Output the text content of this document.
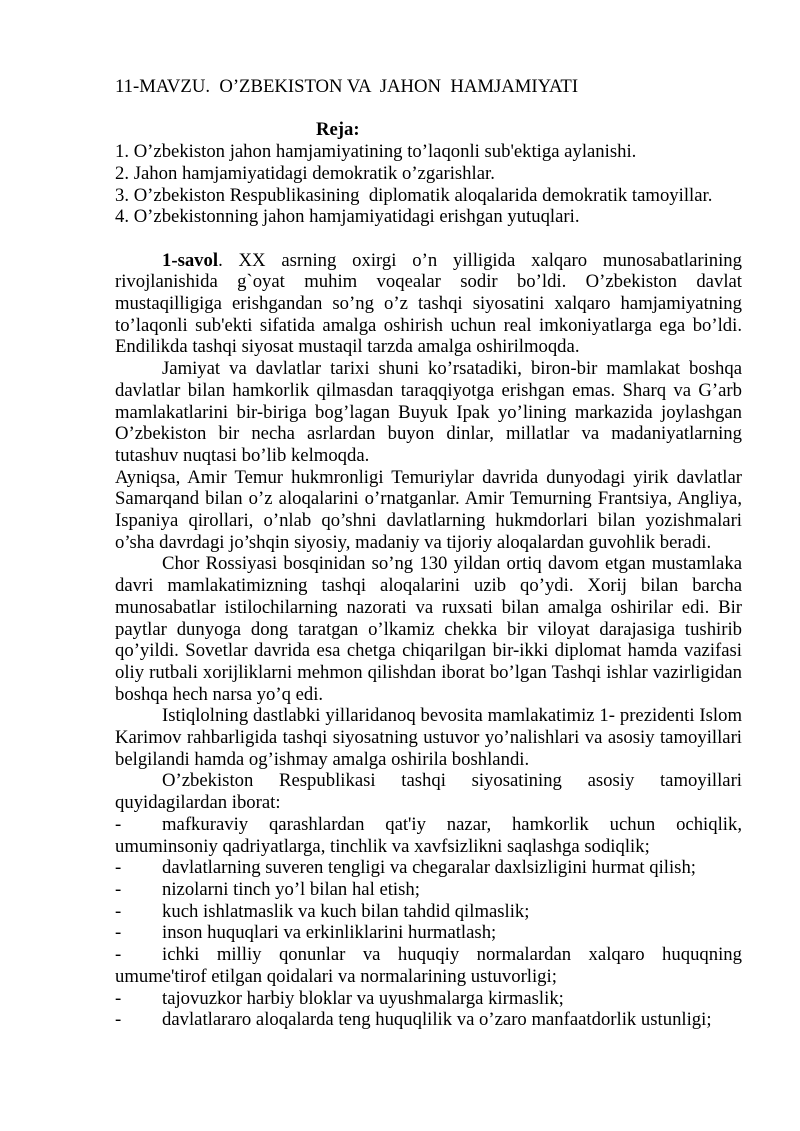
11-MAVZU.  O’ZBEKISTON VA  JAHON  HAMJAMIYATI
Reja:
1. O’zbekiston jahon hamjamiyatining to’laqonli sub'ektiga aylanishi.
2. Jahon hamjamiyatidagi demokratik o’zgarishlar.
3. O’zbekiston Respublikasining  diplomatik aloqalarida demokratik tamoyillar.
4. O’zbekistonning jahon hamjamiyatidagi erishgan yutuqlari.

1-savol. XX asrning oxirgi o’n yilligida xalqaro munosabatlarining rivojlanishida g`oyat muhim voqealar sodir bo’ldi. O’zbekiston davlat mustaqilligiga erishgandan so’ng o’z tashqi siyosatini xalqaro hamjamiyatning to’laqonli sub'ekti sifatida amalga oshirish uchun real imkoniyatlarga ega bo’ldi. Endilikda tashqi siyosat mustaqil tarzda amalga oshirilmoqda.

Jamiyat va davlatlar tarixi shuni ko’rsatadiki, biron-bir mamlakat boshqa davlatlar bilan hamkorlik qilmasdan taraqqiyotga erishgan emas. Sharq va G’arb mamlakatlarini bir-biriga bog’lagan Buyuk Ipak yo’lining markazida joylashgan O’zbekiston bir necha asrlardan buyon dinlar, millatlar va madaniyatlarning tutashuv nuqtasi bo’lib kelmoqda.

Ayniqsa, Amir Temur hukmronligi Temuriylar davrida dunyodagi yirik davlatlar Samarqand bilan o’z aloqalarini o’rnatganlar. Amir Temurning Frantsiya, Angliya, Ispaniya qirollari, o’nlab qo’shni davlatlarning hukmdorlari bilan yozishmalari o’sha davrdagi jo’shqin siyosiy, madaniy va tijoriy aloqalardan guvohlik beradi.

Chor Rossiyasi bosqinidan so’ng 130 yildan ortiq davom etgan mustamlaka davri mamlakatimizning tashqi aloqalarini uzib qo’ydi. Xorij bilan barcha munosabatlar istilochilarning nazorati va ruxsati bilan amalga oshirilar edi. Bir paytlar dunyoga dong taratgan o’lkamiz chekka bir viloyat darajasiga tushirib qo’yildi. Sovetlar davrida esa chetga chiqarilgan bir-ikki diplomat hamda vazifasi oliy rutbali xorijliklarni mehmon qilishdan iborat bo’lgan Tashqi ishlar vazirligidan boshqa hech narsa yo’q edi.

Istiqlolning dastlabki yillaridanoq bevosita mamlakatimiz 1- prezidenti Islom Karimov rahbarligida tashqi siyosatning ustuvor yo’nalishlari va asosiy tamoyillari belgilandi hamda og’ishmay amalga oshirila boshlandi.

O’zbekiston Respublikasi tashqi siyosatining asosiy tamoyillari quyidagilardan iborat:

- mafkuraviy qarashlardan qat'iy nazar, hamkorlik uchun ochiqlik, umuminsoniy qadriyatlarga, tinchlik va xavfsizlikni saqlashga sodiqlik;

- davlatlarning suveren tengligi va chegaralar daxlsizligini hurmat qilish;

- nizolarni tinch yo’l bilan hal etish;

- kuch ishlatmaslik va kuch bilan tahdid qilmaslik;

- inson huquqlari va erkinliklarini hurmatlash;

- ichki milliy qonunlar va huquqiy normalardan xalqaro huquqning umume'tirof etilgan qoidalari va normalarining ustuvorligi;

- tajovuzkor harbiy bloklar va uyushmalarga kirmaslik;

- davlatlararo aloqalarda teng huquqlilik va o’zaro manfaatdorlik ustunligi;
